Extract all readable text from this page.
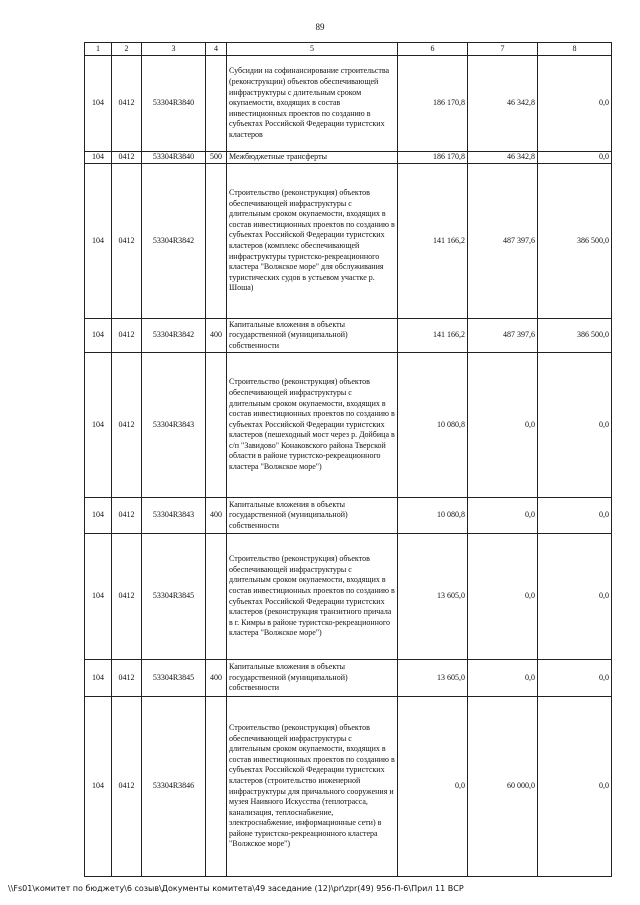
89
1	2	3	4	5	6	7	8
104	0412	53304R3840		Субсидии на софинансирование строительства (реконструкции) объектов обеспечивающей инфраструктуры с длительным сроком окупаемости, входящих в состав инвестиционных проектов по созданию в субъектах Российской Федерации туристских кластеров	186 170,8	46 342,8	0,0
104	0412	53304R3840	500	Межбюджетные трансферты	186 170,8	46 342,8	0,0
104	0412	53304R3842		Строительство (реконструкция) объектов обеспечивающей инфраструктуры с длительным сроком окупаемости, входящих в состав инвестиционных проектов по созданию в субъектах Российской Федерации туристских кластеров (комплекс обеспечивающей инфраструктуры туристско-рекреационного кластера "Волжское море" для обслуживания туристических судов в устьевом участке р. Шоша)	141 166,2	487 397,6	386 500,0
104	0412	53304R3842	400	Капитальные вложения в объекты государственной (муниципальной) собственности	141 166,2	487 397,6	386 500,0
104	0412	53304R3843		Строительство (реконструкция) объектов обеспечивающей инфраструктуры с длительным сроком окупаемости, входящих в состав инвестиционных проектов по созданию в субъектах Российской Федерации туристских кластеров (пешеходный мост через р. Дойбица в с/п "Завидово" Конаковского района Тверской области в районе туристско-рекреационного кластера "Волжское море")	10 080,8	0,0	0,0
104	0412	53304R3843	400	Капитальные вложения в объекты государственной (муниципальной) собственности	10 080,8	0,0	0,0
104	0412	53304R3845		Строительство (реконструкция) объектов обеспечивающей инфраструктуры с длительным сроком окупаемости, входящих в состав инвестиционных проектов по созданию в субъектах Российской Федерации туристских кластеров (реконструкция транзитного причала в г. Кимры в районе туристско-рекреационного кластера "Волжское море")	13 605,0	0,0	0,0
104	0412	53304R3845	400	Капитальные вложения в объекты государственной (муниципальной) собственности	13 605,0	0,0	0,0
104	0412	53304R3846		Строительство (реконструкция) объектов обеспечивающей инфраструктуры с длительным сроком окупаемости, входящих в состав инвестиционных проектов по созданию в субъектах Российской Федерации туристских кластеров (строительство инженерной инфраструктуры для причального сооружения и музея Наивного Искусства (теплотрасса, канализация, теплоснабжение, электроснабжение, информационные сети) в районе туристско-рекреационного кластера "Волжское море")	0,0	60 000,0	0,0
\\Fs01\комитет по бюджету\6 созыв\Документы комитета\49 заседание (12)\pr\zpr(49) 956-П-6\Прил 11 ВСР
